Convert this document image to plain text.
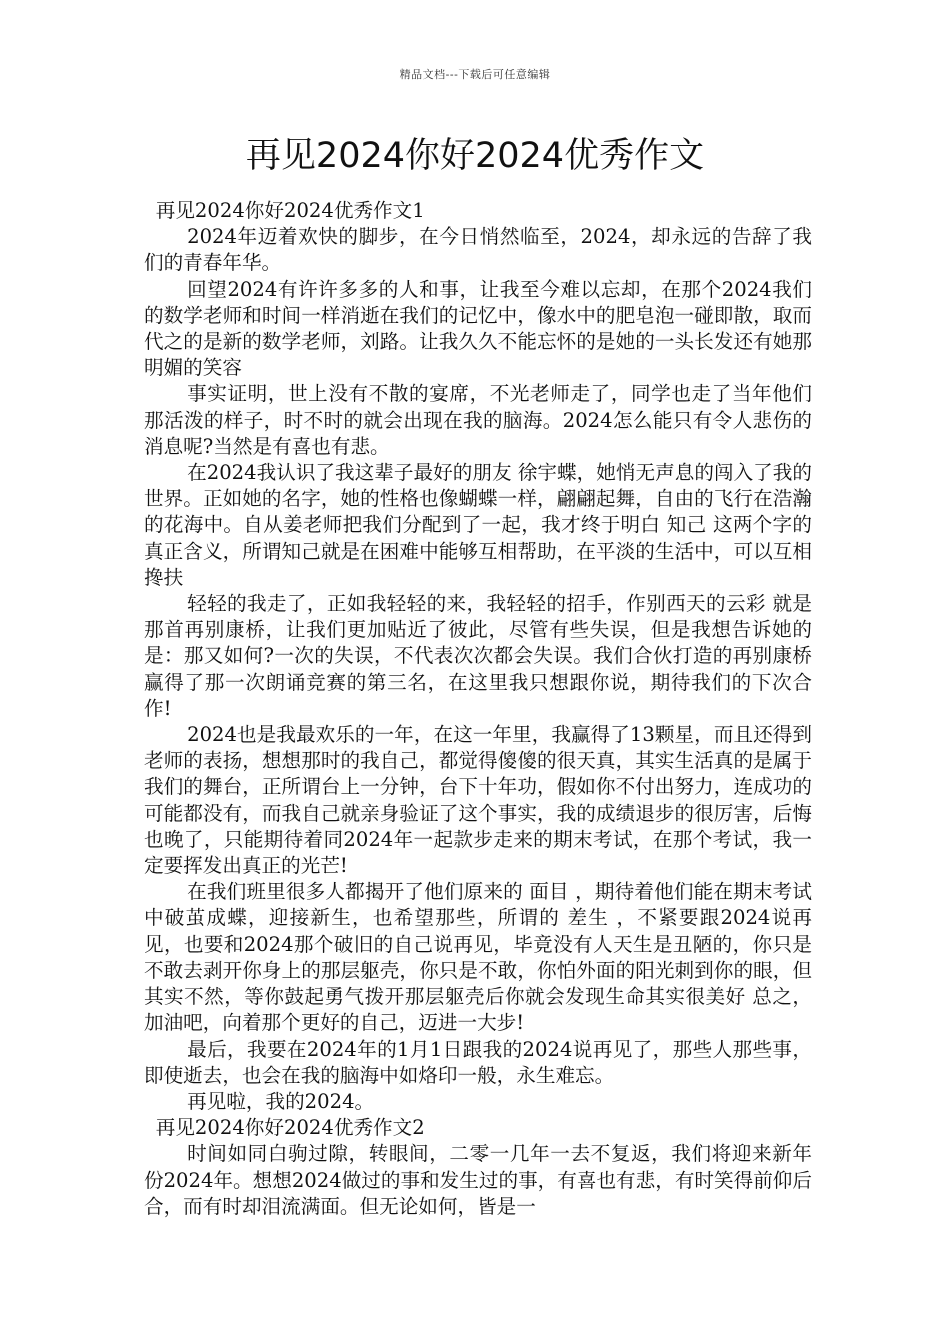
精品文档---下载后可任意编辑
再见2024你好2024优秀作文

再见2024你好2024优秀作文1

2024年迈着欢快的脚步，在今日悄然临至，2024，却永远的告辞了我们的青春年华。

回望2024有许许多多的人和事，让我至今难以忘却，在那个2024我们的数学老师和时间一样消逝在我们的记忆中，像水中的肥皂泡一碰即散，取而代之的是新的数学老师，刘路。让我久久不能忘怀的是她的一头长发还有她那明媚的笑容

事实证明，世上没有不散的宴席，不光老师走了，同学也走了当年他们那活泼的样子，时不时的就会出现在我的脑海。2024怎么能只有令人悲伤的消息呢?当然是有喜也有悲。

在2024我认识了我这辈子最好的朋友 徐宇蝶，她悄无声息的闯入了我的世界。正如她的名字，她的性格也像蝴蝶一样，翩翩起舞，自由的飞行在浩瀚的花海中。自从姜老师把我们分配到了一起，我才终于明白 知己 这两个字的真正含义，所谓知己就是在困难中能够互相帮助，在平淡的生活中，可以互相搀扶

轻轻的我走了，正如我轻轻的来，我轻轻的招手，作别西天的云彩 就是那首再别康桥，让我们更加贴近了彼此，尽管有些失误，但是我想告诉她的是：那又如何?一次的失误，不代表次次都会失误。我们合伙打造的再别康桥赢得了那一次朗诵竞赛的第三名，在这里我只想跟你说，期待我们的下次合作!

2024也是我最欢乐的一年，在这一年里，我赢得了13颗星，而且还得到老师的表扬，想想那时的我自己，都觉得傻傻的很天真，其实生活真的是属于我们的舞台，正所谓台上一分钟，台下十年功，假如你不付出努力，连成功的可能都没有，而我自己就亲身验证了这个事实，我的成绩退步的很厉害，后悔也晚了，只能期待着同2024年一起款步走来的期末考试，在那个考试，我一定要挥发出真正的光芒!

在我们班里很多人都揭开了他们原来的 面目 ，期待着他们能在期末考试中破茧成蝶，迎接新生，也希望那些，所谓的 差生 ，不紧要跟2024说再见，也要和2024那个破旧的自己说再见，毕竟没有人天生是丑陋的，你只是不敢去剥开你身上的那层躯壳，你只是不敢，你怕外面的阳光刺到你的眼，但其实不然，等你鼓起勇气拨开那层躯壳后你就会发现生命其实很美好 总之，加油吧，向着那个更好的自己，迈进一大步!

最后，我要在2024年的1月1日跟我的2024说再见了，那些人那些事，即使逝去，也会在我的脑海中如烙印一般，永生难忘。

再见啦，我的2024。

再见2024你好2024优秀作文2

时间如同白驹过隙，转眼间，二零一几年一去不复返，我们将迎来新年份2024年。想想2024做过的事和发生过的事，有喜也有悲，有时笑得前仰后合，而有时却泪流满面。但无论如何，皆是一
